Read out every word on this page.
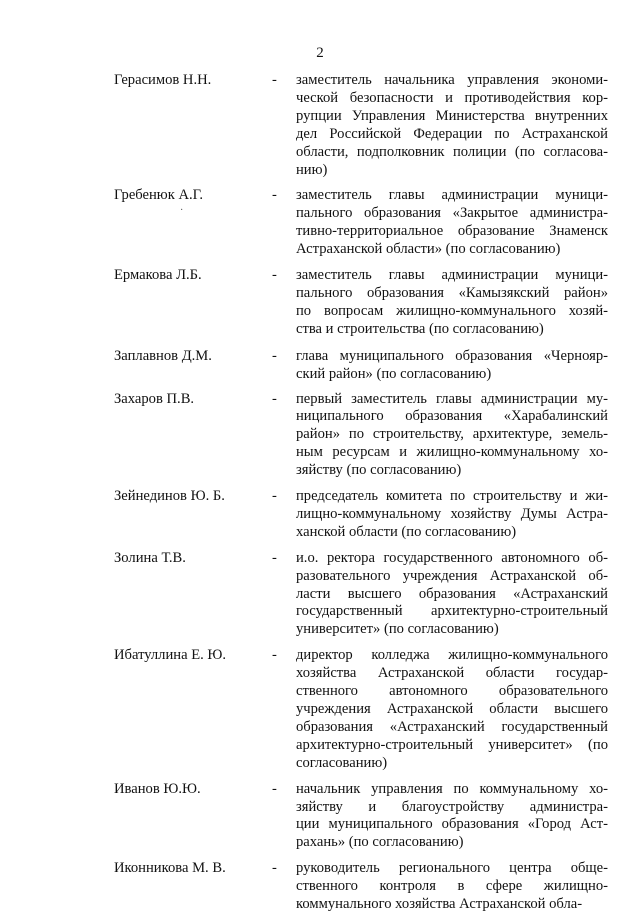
2
Герасимов Н.Н.	- заместитель начальника управления экономи-
ческой безопасности и противодействия кор-
рупции Управления Министерства внутренних
дел Российской Федерации по Астраханской
области, подполковник полиции (по согласова-
нию)
Гребенюк А.Г.	- заместитель главы администрации муници-
пального образования «Закрытое администра-
тивно-территориальное образование Знаменск
Астраханской области» (по согласованию)
Ермакова Л.Б.	- заместитель главы администрации муници-
пального образования «Камызякский район»
по вопросам жилищно-коммунального хозяй-
ства и строительства (по согласованию)
Заплавнов Д.М.	- глава муниципального образования «Чернояр-
ский район» (по согласованию)
Захаров П.В.	- первый заместитель главы администрации му-
ниципального образования «Харабалинский
район» по строительству, архитектуре, земель-
ным ресурсам и жилищно-коммунальному хо-
зяйству (по согласованию)
Зейнединов Ю. Б.	- председатель комитета по строительству и жи-
лищно-коммунальному хозяйству Думы Астра-
ханской области (по согласованию)
Золина Т.В.	- и.о. ректора государственного автономного об-
разовательного учреждения Астраханской об-
ласти высшего образования «Астраханский
государственный архитектурно-строительный
университет» (по согласованию)
Ибатуллина Е. Ю.	- директор колледжа жилищно-коммунального
хозяйства Астраханской области государ-
ственного автономного образовательного
учреждения Астраханской области высшего
образования «Астраханский государственный
архитектурно-строительный университет» (по
согласованию)
Иванов Ю.Ю.	- начальник управления по коммунальному хо-
зяйству и благоустройству администра-
ции муниципального образования «Город Аст-
рахань» (по согласованию)
Иконникова М. В.	- руководитель регионального центра обще-
ственного контроля в сфере жилищно-
коммунального хозяйства Астраханской обла-
·
